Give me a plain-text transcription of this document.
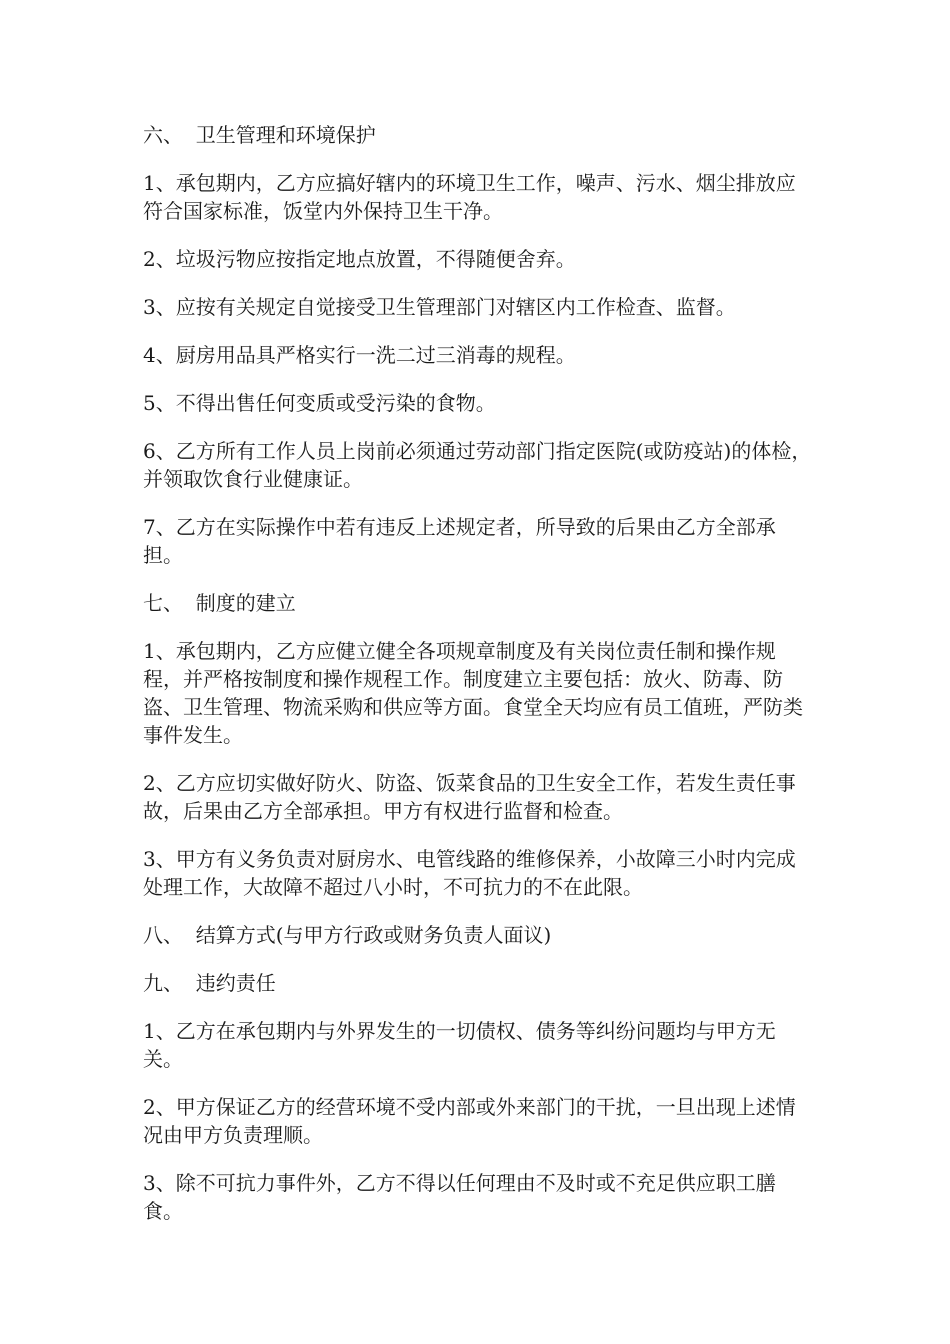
六、  卫生管理和环境保护

1、承包期内，乙方应搞好辖内的环境卫生工作，噪声、污水、烟尘排放应符合国家标准，饭堂内外保持卫生干净。

2、垃圾污物应按指定地点放置，不得随便舍弃。

3、应按有关规定自觉接受卫生管理部门对辖区内工作检查、监督。

4、厨房用品具严格实行一洗二过三消毒的规程。

5、不得出售任何变质或受污染的食物。

6、乙方所有工作人员上岗前必须通过劳动部门指定医院(或防疫站)的体检，并领取饮食行业健康证。

7、乙方在实际操作中若有违反上述规定者，所导致的后果由乙方全部承担。

七、  制度的建立

1、承包期内，乙方应健立健全各项规章制度及有关岗位责任制和操作规程，并严格按制度和操作规程工作。制度建立主要包括：放火、防毒、防盗、卫生管理、物流采购和供应等方面。食堂全天均应有员工值班，严防类事件发生。

2、乙方应切实做好防火、防盗、饭菜食品的卫生安全工作，若发生责任事故，后果由乙方全部承担。甲方有权进行监督和检查。

3、甲方有义务负责对厨房水、电管线路的维修保养，小故障三小时内完成处理工作，大故障不超过八小时，不可抗力的不在此限。

八、  结算方式(与甲方行政或财务负责人面议)

九、  违约责任

1、乙方在承包期内与外界发生的一切债权、债务等纠纷问题均与甲方无关。

2、甲方保证乙方的经营环境不受内部或外来部门的干扰，一旦出现上述情况由甲方负责理顺。

3、除不可抗力事件外，乙方不得以任何理由不及时或不充足供应职工膳食。
